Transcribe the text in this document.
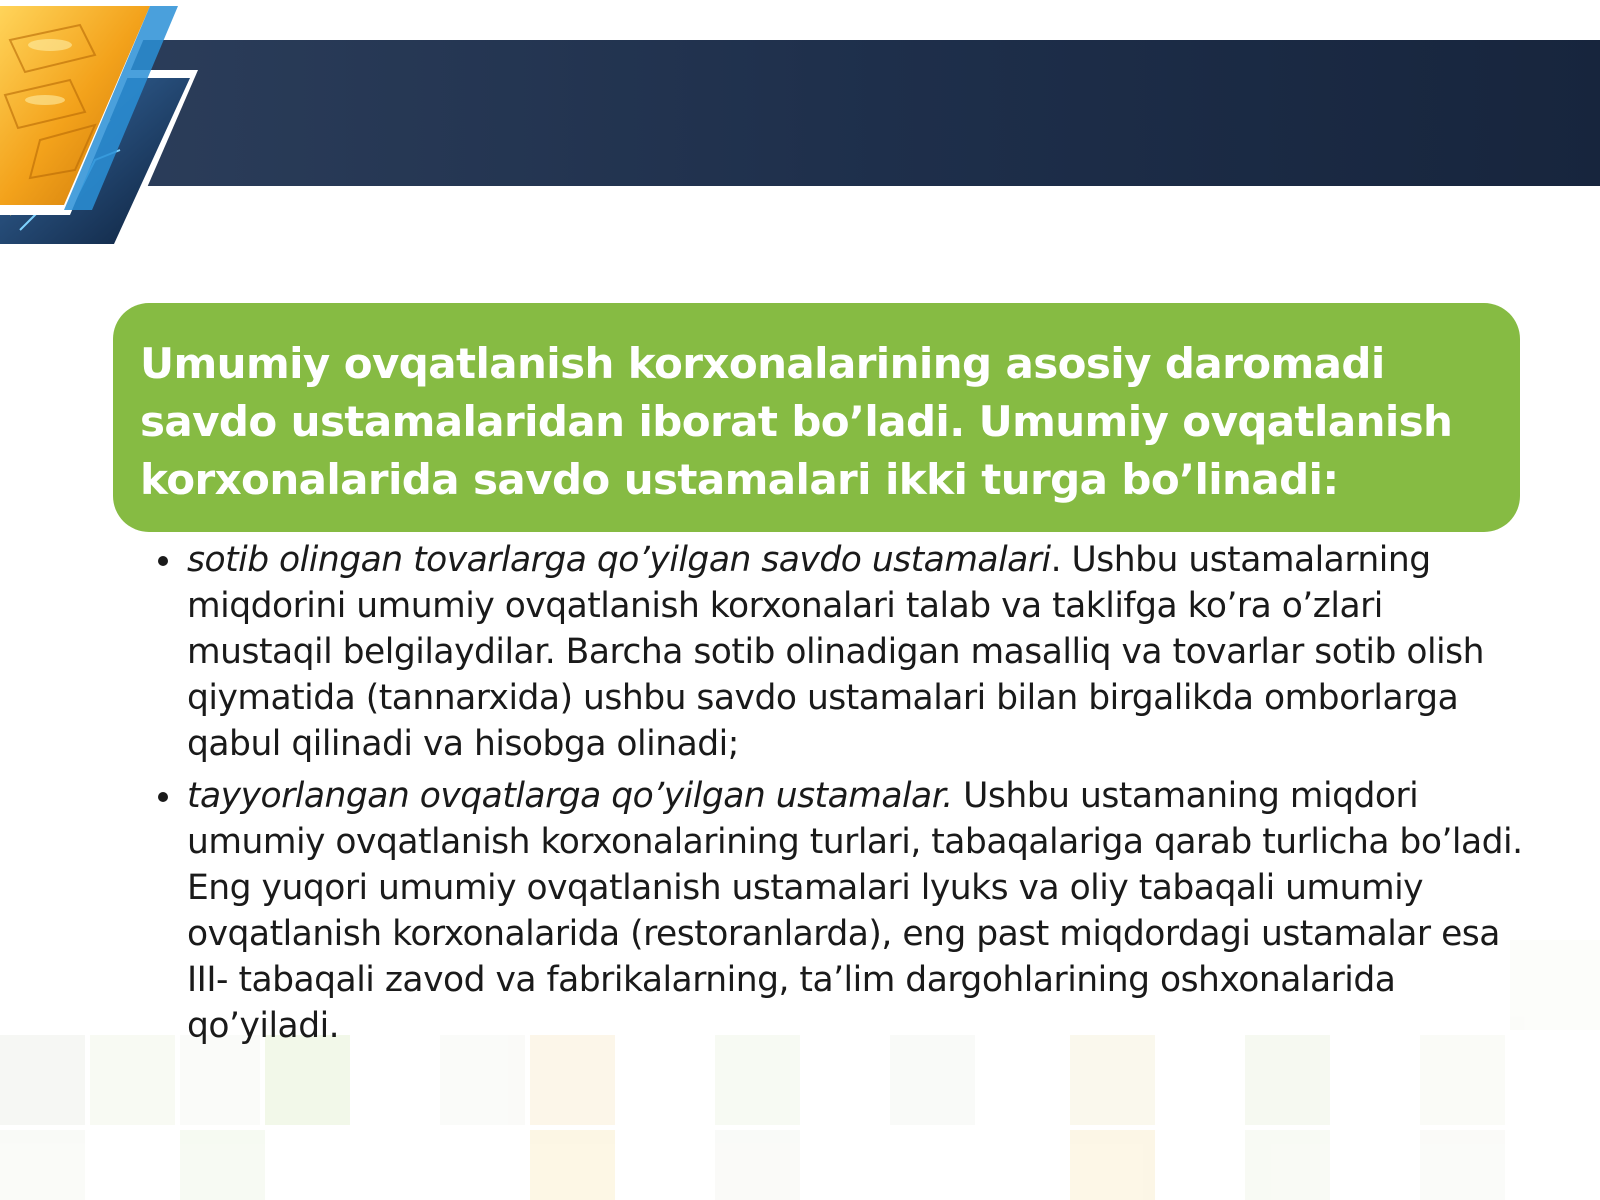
Umumiy ovqatlanish korxonalarining asosiy daromadi savdo ustamalaridan iborat bo’ladi. Umumiy ovqatlanish korxonalarida savdo ustamalari ikki turga bo’linadi:

sotib olingan tovarlarga qo’yilgan savdo ustamalari. Ushbu ustamalarning miqdorini umumiy ovqatlanish korxonalari talab va taklifga ko’ra o’zlari mustaqil belgilaydilar. Barcha sotib olinadigan masalliq va tovarlar sotib olish qiymatida (tannarxida) ushbu savdo ustamalari bilan birgalikda omborlarga qabul qilinadi va hisobga olinadi;
tayyorlangan ovqatlarga qo’yilgan ustamalar. Ushbu ustamaning miqdori umumiy ovqatlanish korxonalarining turlari, tabaqalariga qarab turlicha bo’ladi. Eng yuqori umumiy ovqatlanish ustamalari lyuks va oliy tabaqali umumiy ovqatlanish korxonalarida (restoranlarda), eng past miqdordagi ustamalar esa III- tabaqali zavod va fabrikalarning, ta’lim dargohlarining oshxonalarida qo’yiladi.
